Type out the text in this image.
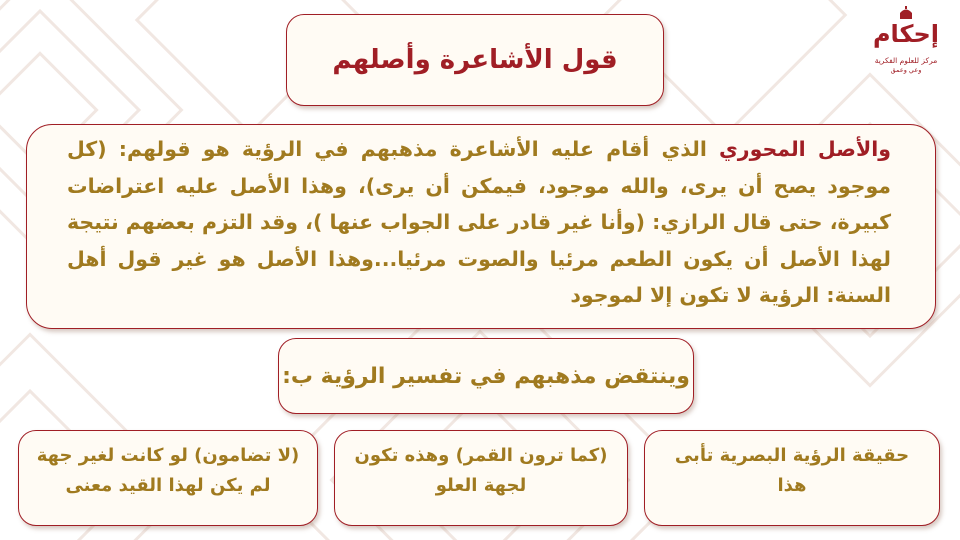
إحكام
مركز للعلوم الفكرية
وعي وعمق
قول الأشاعرة وأصلهم

والأصل المحوري الذي أقام عليه الأشاعرة مذهبهم في الرؤية هو قولهم: (كل موجود يصح أن يرى، والله موجود، فيمكن أن يرى)، وهذا الأصل عليه اعتراضات كبيرة، حتى قال الرازي: (وأنا غير قادر على الجواب عنها )، وقد التزم بعضهم نتيجة لهذا الأصل أن يكون الطعم مرئيا والصوت مرئيا...وهذا الأصل هو غير قول أهل السنة: الرؤية لا تكون إلا لموجود

وينتقض مذهبهم في تفسير الرؤية ب:

حقيقة الرؤية البصرية تأبى هذا

(كما ترون القمر) وهذه تكون لجهة العلو

(لا تضامون) لو كانت لغير جهة لم يكن لهذا القيد معنى
